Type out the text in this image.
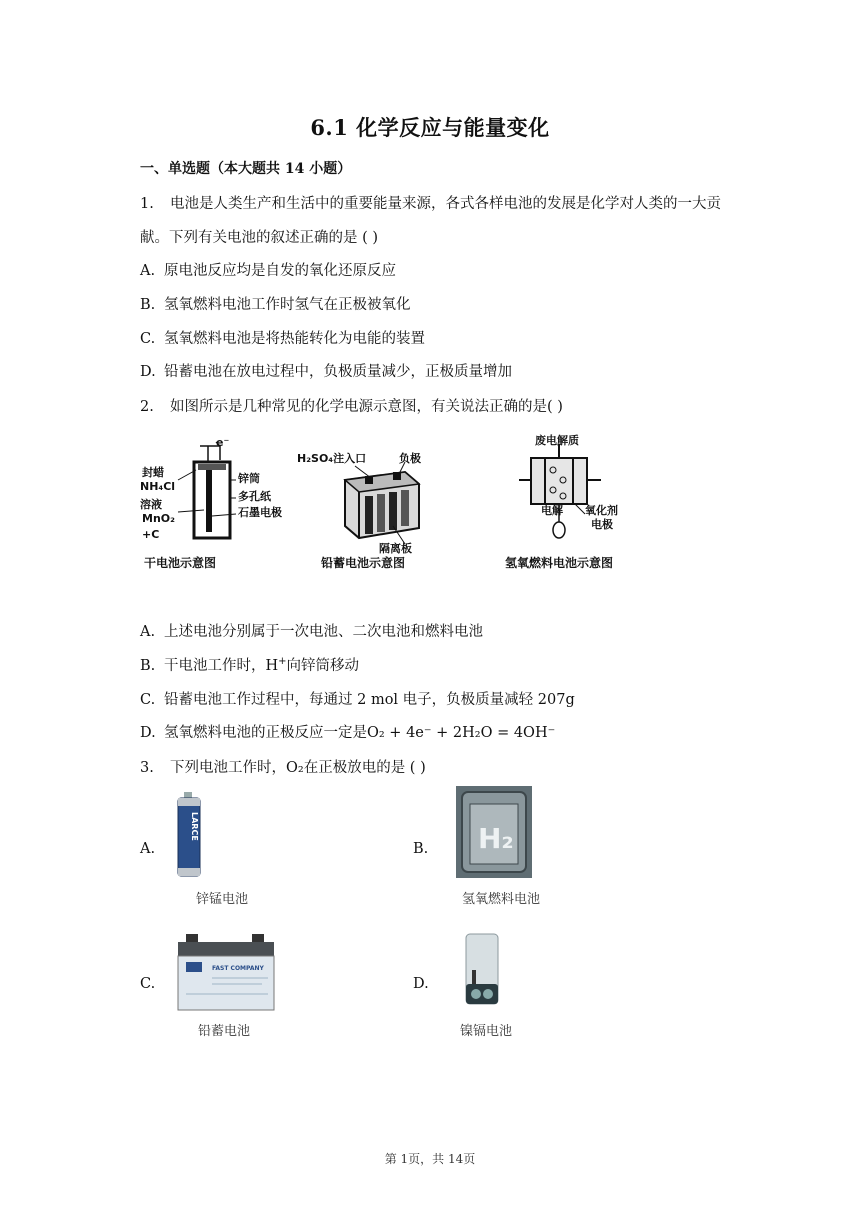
6.1 化学反应与能量变化
一、单选题（本大题共 14 小题）
1. 电池是人类生产和生活中的重要能量来源，各式各样电池的发展是化学对人类的一大贡
献。下列有关电池的叙述正确的是 ( )
A. 原电池反应均是自发的氧化还原反应
B. 氢氧燃料电池工作时氢气在正极被氧化
C. 氢氧燃料电池是将热能转化为电能的装置
D. 铅蓄电池在放电过程中，负极质量减少，正极质量增加
2. 如图所示是几种常见的化学电源示意图，有关说法正确的是( )
e⁻
封蜡
NH₄Cl
溶液
MnO₂
+C
锌筒
多孔纸
石墨电极
干电池示意图
H₂SO₄注入口	负极
隔离板
铅蓄电池示意图
废电解质
电解 氧化剂
电极
氢氧燃料电池示意图
A. 上述电池分别属于一次电池、二次电池和燃料电池
B. 干电池工作时，H+向锌筒移动
C. 铅蓄电池工作过程中，每通过 2 mol 电子，负极质量减轻 207g
D. 氢氧燃料电池的正极反应一定是O₂ + 4e⁻ + 2H₂O = 4OH⁻
3. 下列电池工作时，O₂在正极放电的是 ( )
A.
LARCE
锌锰电池
B. H₂
氢氧燃料电池
C.
FAST COMPANY
铅蓄电池
D.
镍镉电池
第 1页，共 14页
